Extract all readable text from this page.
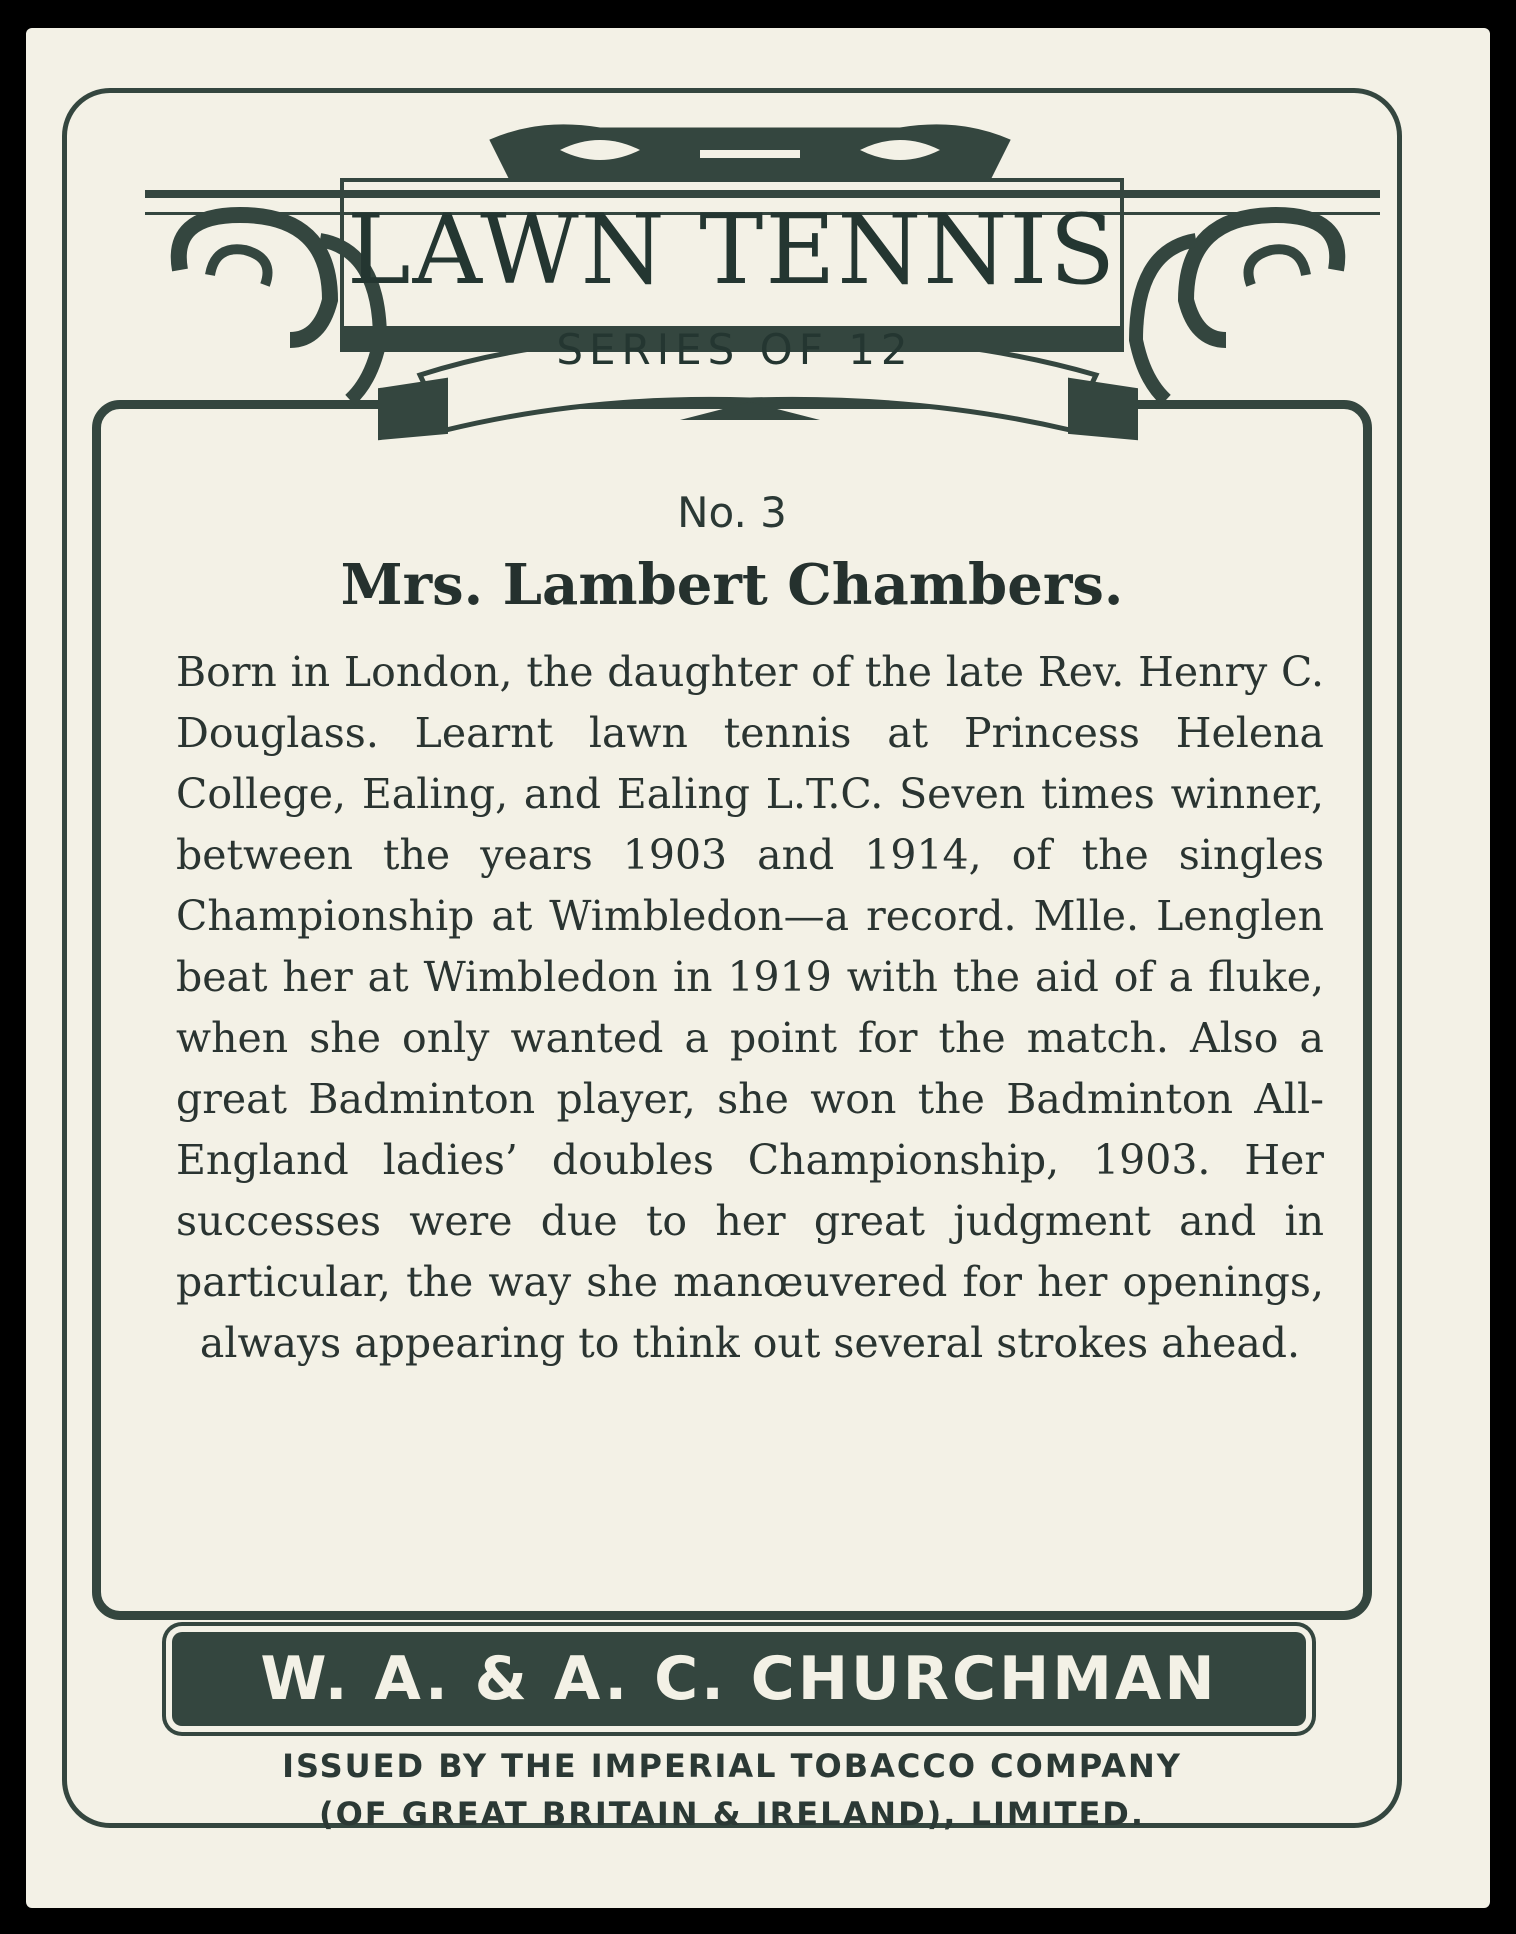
LAWN TENNIS
SERIES OF 12
No. 3
Mrs. Lambert Chambers.
Born in London, the daughter of the late Rev. Henry C. Douglass. Learnt lawn tennis at Princess Helena College, Ealing, and Ealing L.T.C. Seven times winner, between the years 1903 and 1914, of the singles Championship at Wimbledon—a record. Mlle. Lenglen beat her at Wimbledon in 1919 with the aid of a fluke, when she only wanted a point for the match. Also a great Badminton player, she won the Badminton All-England ladies’ doubles Championship, 1903. Her successes were due to her great judgment and in particular, the way she manœuvered for her openings, always appearing to think out several strokes ahead.
W. A. & A. C. CHURCHMAN
ISSUED BY THE IMPERIAL TOBACCO COMPANY
(OF GREAT BRITAIN & IRELAND), LIMITED.
